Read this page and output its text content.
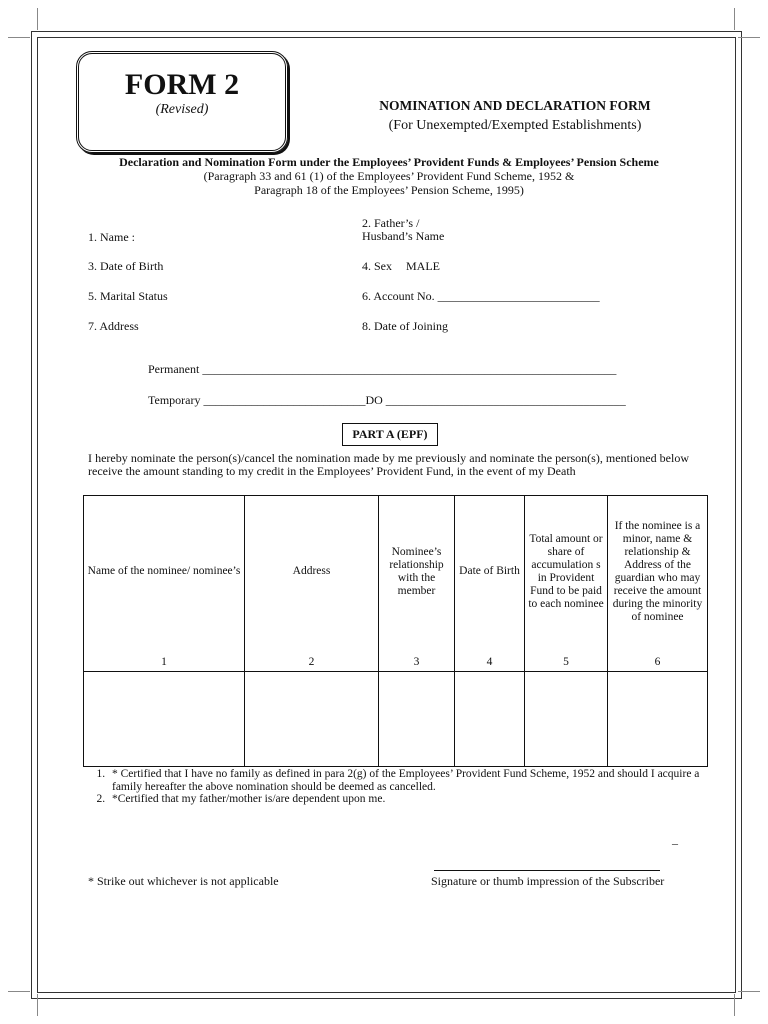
FORM 2
(Revised)	NOMINATION AND DECLARATION FORM
(For Unexempted/Exempted Establishments)
Declaration and Nomination Form under the Employees’ Provident Funds & Employees’ Pension Scheme
(Paragraph 33 and 61 (1) of the Employees’ Provident Fund Scheme, 1952 &
Paragraph 18 of the Employees’ Pension Scheme, 1995)
1. Name :
2. Father’s /
Husband’s Name
3. Date of Birth	4. Sex MALE
5. Marital Status	6. Account No. ___________________________
7. Address	8. Date of Joining
Permanent _____________________________________________________________________
Temporary ___________________________DO ________________________________________
PART A (EPF)
I hereby nominate the person(s)/cancel the nomination made by me previously and nominate the person(s), mentioned below receive the amount standing to my credit in the Employees’ Provident Fund, in the event of my Death
Name of the nominee/ nominee’s	Address	Nominee’s relationship with the member	Date of Birth	Total amount or share of accumulation s in Provident Fund to be paid to each nominee	If the nominee is a minor, name & relationship & Address of the guardian who may receive the amount during the minority of nominee
1	2	3	4	5	6

1. * Certified that I have no family as defined in para 2(g) of the Employees’ Provident Fund Scheme, 1952 and should I acquire a family hereafter the above nomination should be deemed as cancelled.
2. *Certified that my father/mother is/are dependent upon me.
–
* Strike out whichever is not applicable	Signature or thumb impression of the Subscriber
